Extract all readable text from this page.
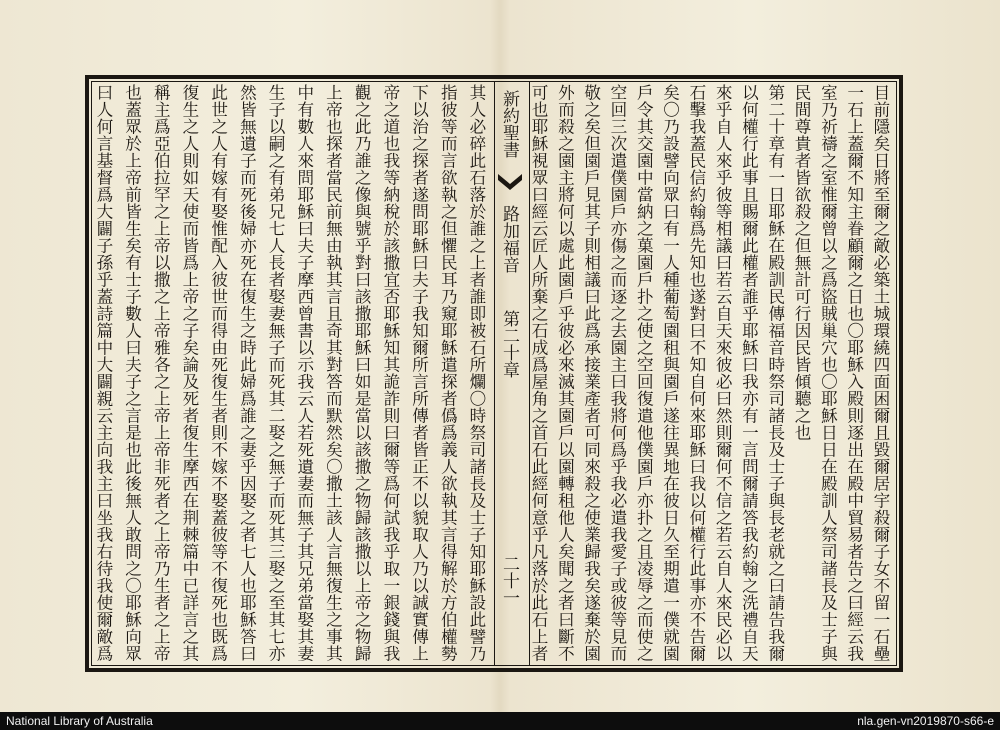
目前隱矣日將至爾之敵必築土城環繞四面困爾且毀爾居宇殺爾子女不留一石壘
一石上蓋爾不知主眷顧爾之日也〇耶穌入殿則逐出在殿中貿易者告之曰經云我
室乃祈禱之室惟爾曾以之爲盜賊巢穴也〇耶穌日日在殿訓人祭司諸長及士子與
民間尊貴者皆欲殺之但無計可行因民皆傾聽之也
第二十章有一日耶穌在殿訓民傳福音時祭司諸長及士子與長老就之曰請告我爾
以何權行此事且賜爾此權者誰乎耶穌曰我亦有一言問爾請答我約翰之洗禮自天
來乎自人來乎彼等相議曰若云自天來彼必曰然則爾何不信之若云自人來民必以
石擊我蓋民信約翰爲先知也遂對曰不知自何來耶穌曰我以何權行此事亦不告爾
矣〇乃設譬向眾曰有一人種葡萄園租與園戶遂往異地在彼日久至期遣一僕就園
戶令其交園中當納之菓園戶扑之使之空回復遣他僕園戶亦扑之且凌辱之而使之
空回三次遣僕園戶亦傷之而逐之去園主曰我將何爲乎我必遣我愛子或彼等見而
敬之矣但園戶見其子則相議曰此爲承接業產者可同來殺之使業歸我矣遂棄於園
外而殺之園主將何以處此園戶乎彼必來滅其園戶以園轉租他人矣聞之者曰斷不
可也耶穌視眾曰經云匠人所棄之石成爲屋角之首石此經何意乎凡落於此石上者
其人必碎此石落於誰之上者誰即被石所爛〇時祭司諸長及士子知耶穌設此譬乃
指彼等而言欲執之但懼民耳乃窺耶穌遣探者僞爲義人欲執其言得解於方伯權勢
下以治之探者遂問耶穌曰夫子我知爾所言所傳者皆正不以貌取人乃以誠實傳上
帝之道也我等納稅於該撒宜否耶穌知其詭詐則曰爾等爲何試我乎取一銀錢與我
觀之此乃誰之像與號乎對曰該撒耶穌曰如是當以該撒之物歸該撒以上帝之物歸
上帝也探者當民前無由執其言且奇其對答而默然矣〇撒土該人言無復生之事其
中有數人來問耶穌曰夫子摩西曾書以示我云人若死遺妻而無子其兄弟當娶其妻
生子以嗣之有弟兄七人長者娶妻無子而死其二娶之無子而死其三娶之至其七亦
然皆無遺子而死後婦亦死在復生之時此婦爲誰之妻乎因娶之者七人也耶穌答曰
此世之人有嫁有娶惟配入彼世而得由死復生者則不嫁不娶蓋彼等不復死也既爲
復生之人則如天使而皆爲上帝之子矣論及死者復生摩西在荆棘篇中已詳言之其
稱主爲亞伯拉罕之上帝以撒之上帝雅各之上帝上帝非死者之上帝乃生者之上帝
也蓋眾於上帝前皆生矣有士子數人曰夫子之言是也此後無人敢問之〇耶穌向眾
曰人何言基督爲大闢子孫乎蓋詩篇中大闢親云主向我主曰坐我右待我使爾敵爲	新約聖書
路加福音
第二十章
二十一
National Library of Australia	nla.gen-vn2019870-s66-e
